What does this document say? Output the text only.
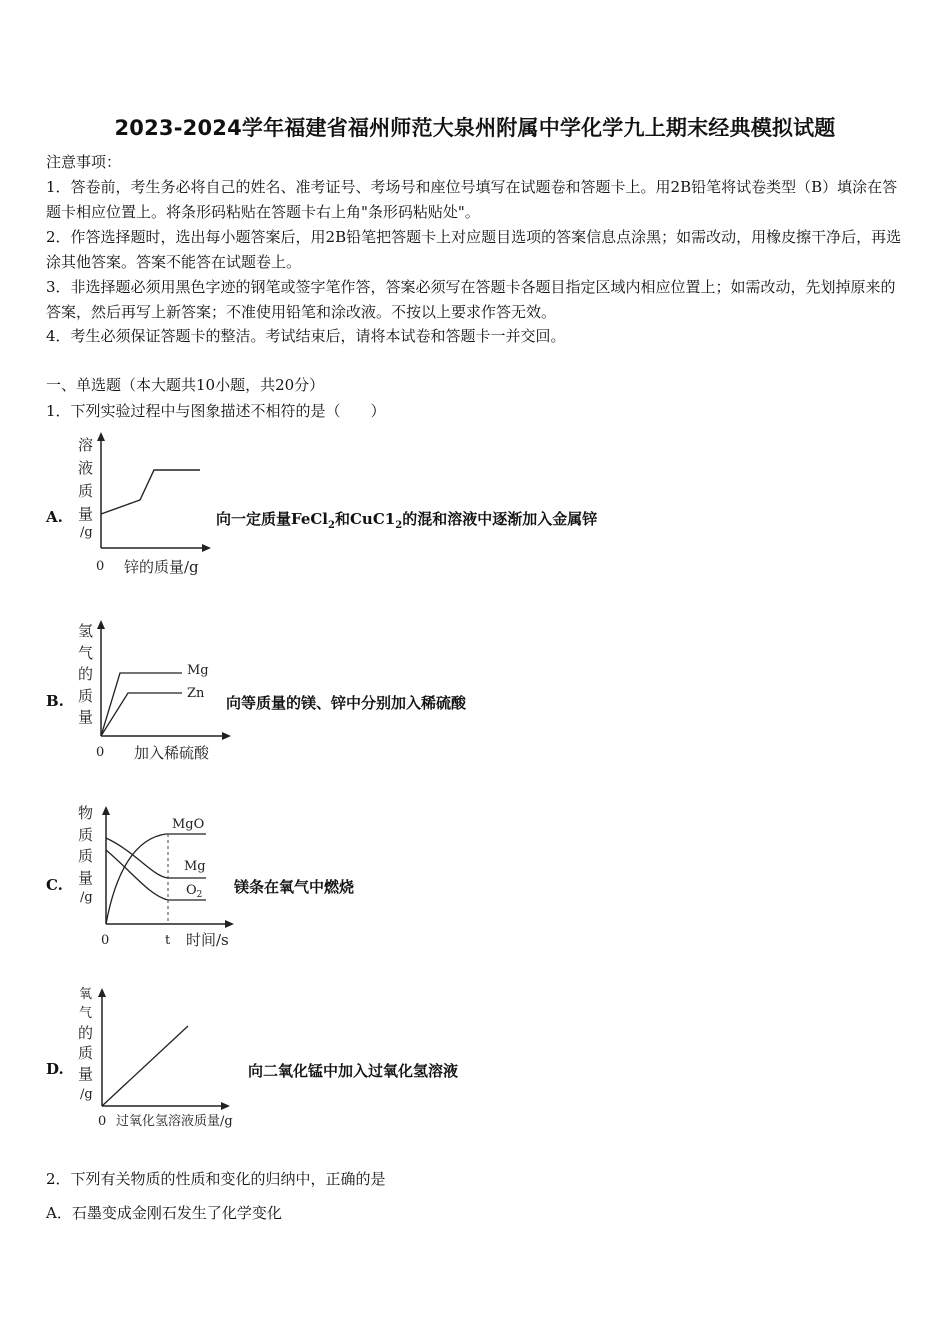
2023-2024学年福建省福州师范大泉州附属中学化学九上期末经典模拟试题
注意事项：
1．答卷前，考生务必将自己的姓名、准考证号、考场号和座位号填写在试题卷和答题卡上。用2B铅笔将试卷类型（B）填涂在答题卡相应位置上。将条形码粘贴在答题卡右上角"条形码粘贴处"。
2．作答选择题时，选出每小题答案后，用2B铅笔把答题卡上对应题目选项的答案信息点涂黑；如需改动，用橡皮擦干净后，再选涂其他答案。答案不能答在试题卷上。
3．非选择题必须用黑色字迹的钢笔或签字笔作答，答案必须写在答题卡各题目指定区域内相应位置上；如需改动，先划掉原来的答案，然后再写上新答案；不准使用铅笔和涂改液。不按以上要求作答无效。
4．考生必须保证答题卡的整洁。考试结束后，请将本试卷和答题卡一并交回。
一、单选题（本大题共10小题，共20分）
1．下列实验过程中与图象描述不相符的是（　　）
A.
溶
液
质
量
/g
0 锌的质量/g
向一定质量FeCl$_2$和$CuC1_2$的混和溶液中逐渐加入金属锌
B.
Mg
Zn
氢
气
的
质
量
0 加入稀硫酸
向等质量的镁、锌中分别加入稀硫酸
C.
MgO
Mg
$O_2$
物
质
质
量
/g
0	t 时间/s
镁条在氧气中燃烧
D.
氧
气
的
质
量
/g
0 过氧化氢溶液质量/g
向二氧化锰中加入过氧化氢溶液
2．下列有关物质的性质和变化的归纳中，正确的是
A．石墨变成金刚石发生了化学变化
